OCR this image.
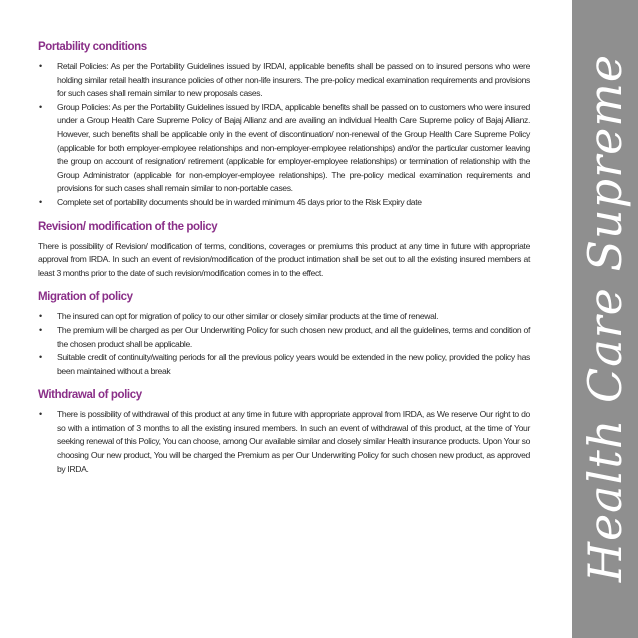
Portability conditions
• Retail Policies: As per the Portability Guidelines issued by IRDAI, applicable benefits shall be passed on to insured persons who were holding similar retail health insurance policies of other non-life insurers. The pre-policy medical examination requirements and provisions for such cases shall remain similar to new proposals cases.
• Group Policies: As per the Portability Guidelines issued by IRDA, applicable benefits shall be passed on to customers who were insured under a Group Health Care Supreme Policy of Bajaj Allianz and are availing an individual Health Care Supreme policy of Bajaj Allianz. However, such benefits shall be applicable only in the event of discontinuation/ non-renewal of the Group Health Care Supreme Policy (applicable for both employer-employee relationships and non-employer-employee relationships) and/or the particular customer leaving the group on account of resignation/ retirement (applicable for employer-employee relationships) or termination of relationship with the Group Administrator (applicable for non-employer-employee relationships). The pre-policy medical examination requirements and provisions for such cases shall remain similar to non-portable cases.
• Complete set of portability documents should be in warded minimum 45 days prior to the Risk Expiry date
Revision/ modification of the policy

There is possibility of Revision/ modification of terms, conditions, coverages or premiums this product at any time in future with appropriate approval from IRDA. In such an event of revision/modification of the product intimation shall be set out to all the existing insured members at least 3 months prior to the date of such revision/modification comes in to the effect.

Migration of policy
• The insured can opt for migration of policy to our other similar or closely similar products at the time of renewal.
• The premium will be charged as per Our Underwriting Policy for such chosen new product, and all the guidelines, terms and condition of the chosen product shall be applicable.
• Suitable credit of continuity/waiting periods for all the previous policy years would be extended in the new policy, provided the policy has been maintained without a break
Withdrawal of policy
• There is possibility of withdrawal of this product at any time in future with appropriate approval from IRDA, as We reserve Our right to do so with a intimation of 3 months to all the existing insured members. In such an event of withdrawal of this product, at the time of Your seeking renewal of this Policy, You can choose, among Our available similar and closely similar Health insurance products. Upon Your so choosing Our new product, You will be charged the Premium as per Our Underwriting Policy for such chosen new product, as approved by IRDA.	Health Care Supreme
